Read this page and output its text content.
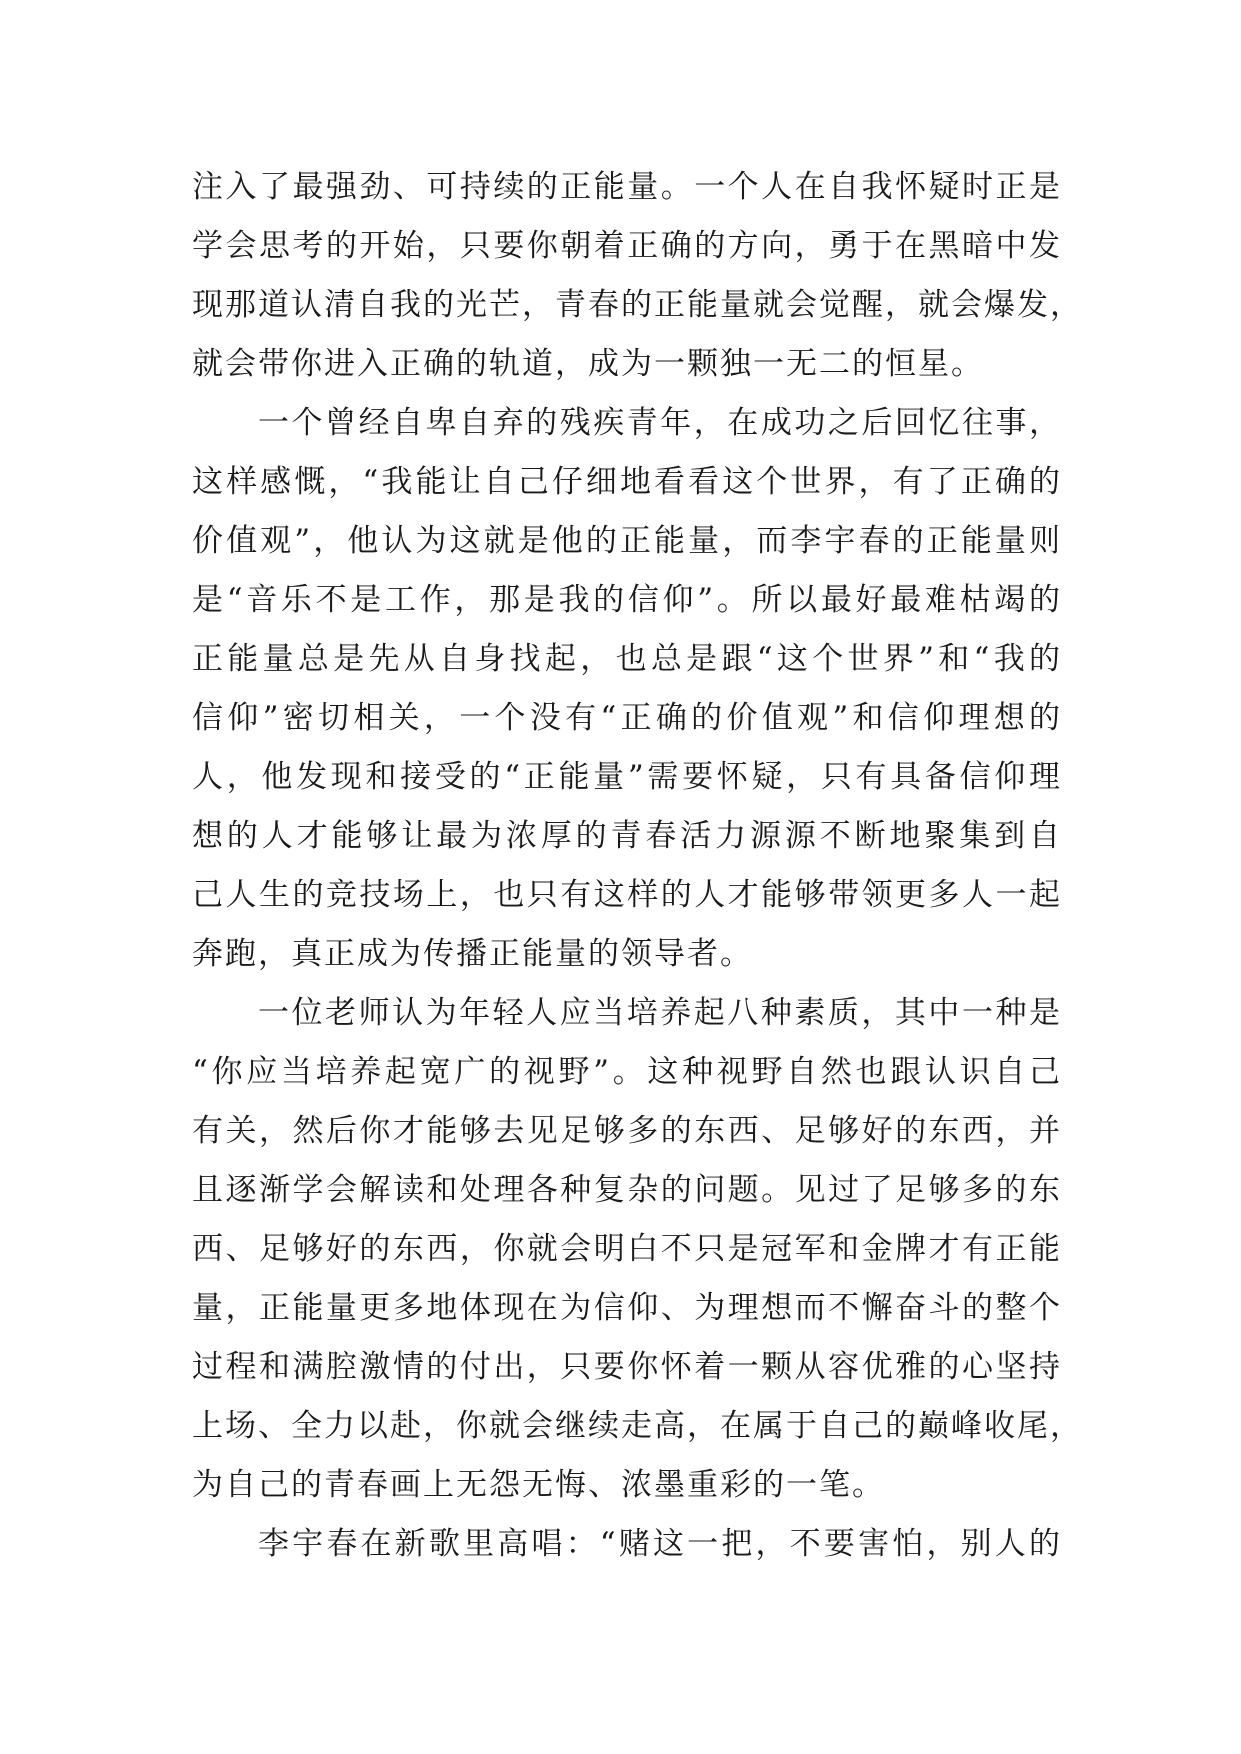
注入了最强劲、可持续的正能量。一个人在自我怀疑时正是
学会思考的开始，只要你朝着正确的方向，勇于在黑暗中发
现那道认清自我的光芒，青春的正能量就会觉醒，就会爆发，
就会带你进入正确的轨道，成为一颗独一无二的恒星。
一个曾经自卑自弃的残疾青年，在成功之后回忆往事，
这样感慨，“我能让自己仔细地看看这个世界，有了正确的
价值观”，他认为这就是他的正能量，而李宇春的正能量则
是“音乐不是工作，那是我的信仰”。所以最好最难枯竭的
正能量总是先从自身找起，也总是跟“这个世界”和“我的
信仰”密切相关，一个没有“正确的价值观”和信仰理想的
人，他发现和接受的“正能量”需要怀疑，只有具备信仰理
想的人才能够让最为浓厚的青春活力源源不断地聚集到自
己人生的竞技场上，也只有这样的人才能够带领更多人一起
奔跑，真正成为传播正能量的领导者。
一位老师认为年轻人应当培养起八种素质，其中一种是
“你应当培养起宽广的视野”。这种视野自然也跟认识自己
有关，然后你才能够去见足够多的东西、足够好的东西，并
且逐渐学会解读和处理各种复杂的问题。见过了足够多的东
西、足够好的东西，你就会明白不只是冠军和金牌才有正能
量，正能量更多地体现在为信仰、为理想而不懈奋斗的整个
过程和满腔激情的付出，只要你怀着一颗从容优雅的心坚持
上场、全力以赴，你就会继续走高，在属于自己的巅峰收尾，
为自己的青春画上无怨无悔、浓墨重彩的一笔。
李宇春在新歌里高唱：“赌这一把，不要害怕，别人的
